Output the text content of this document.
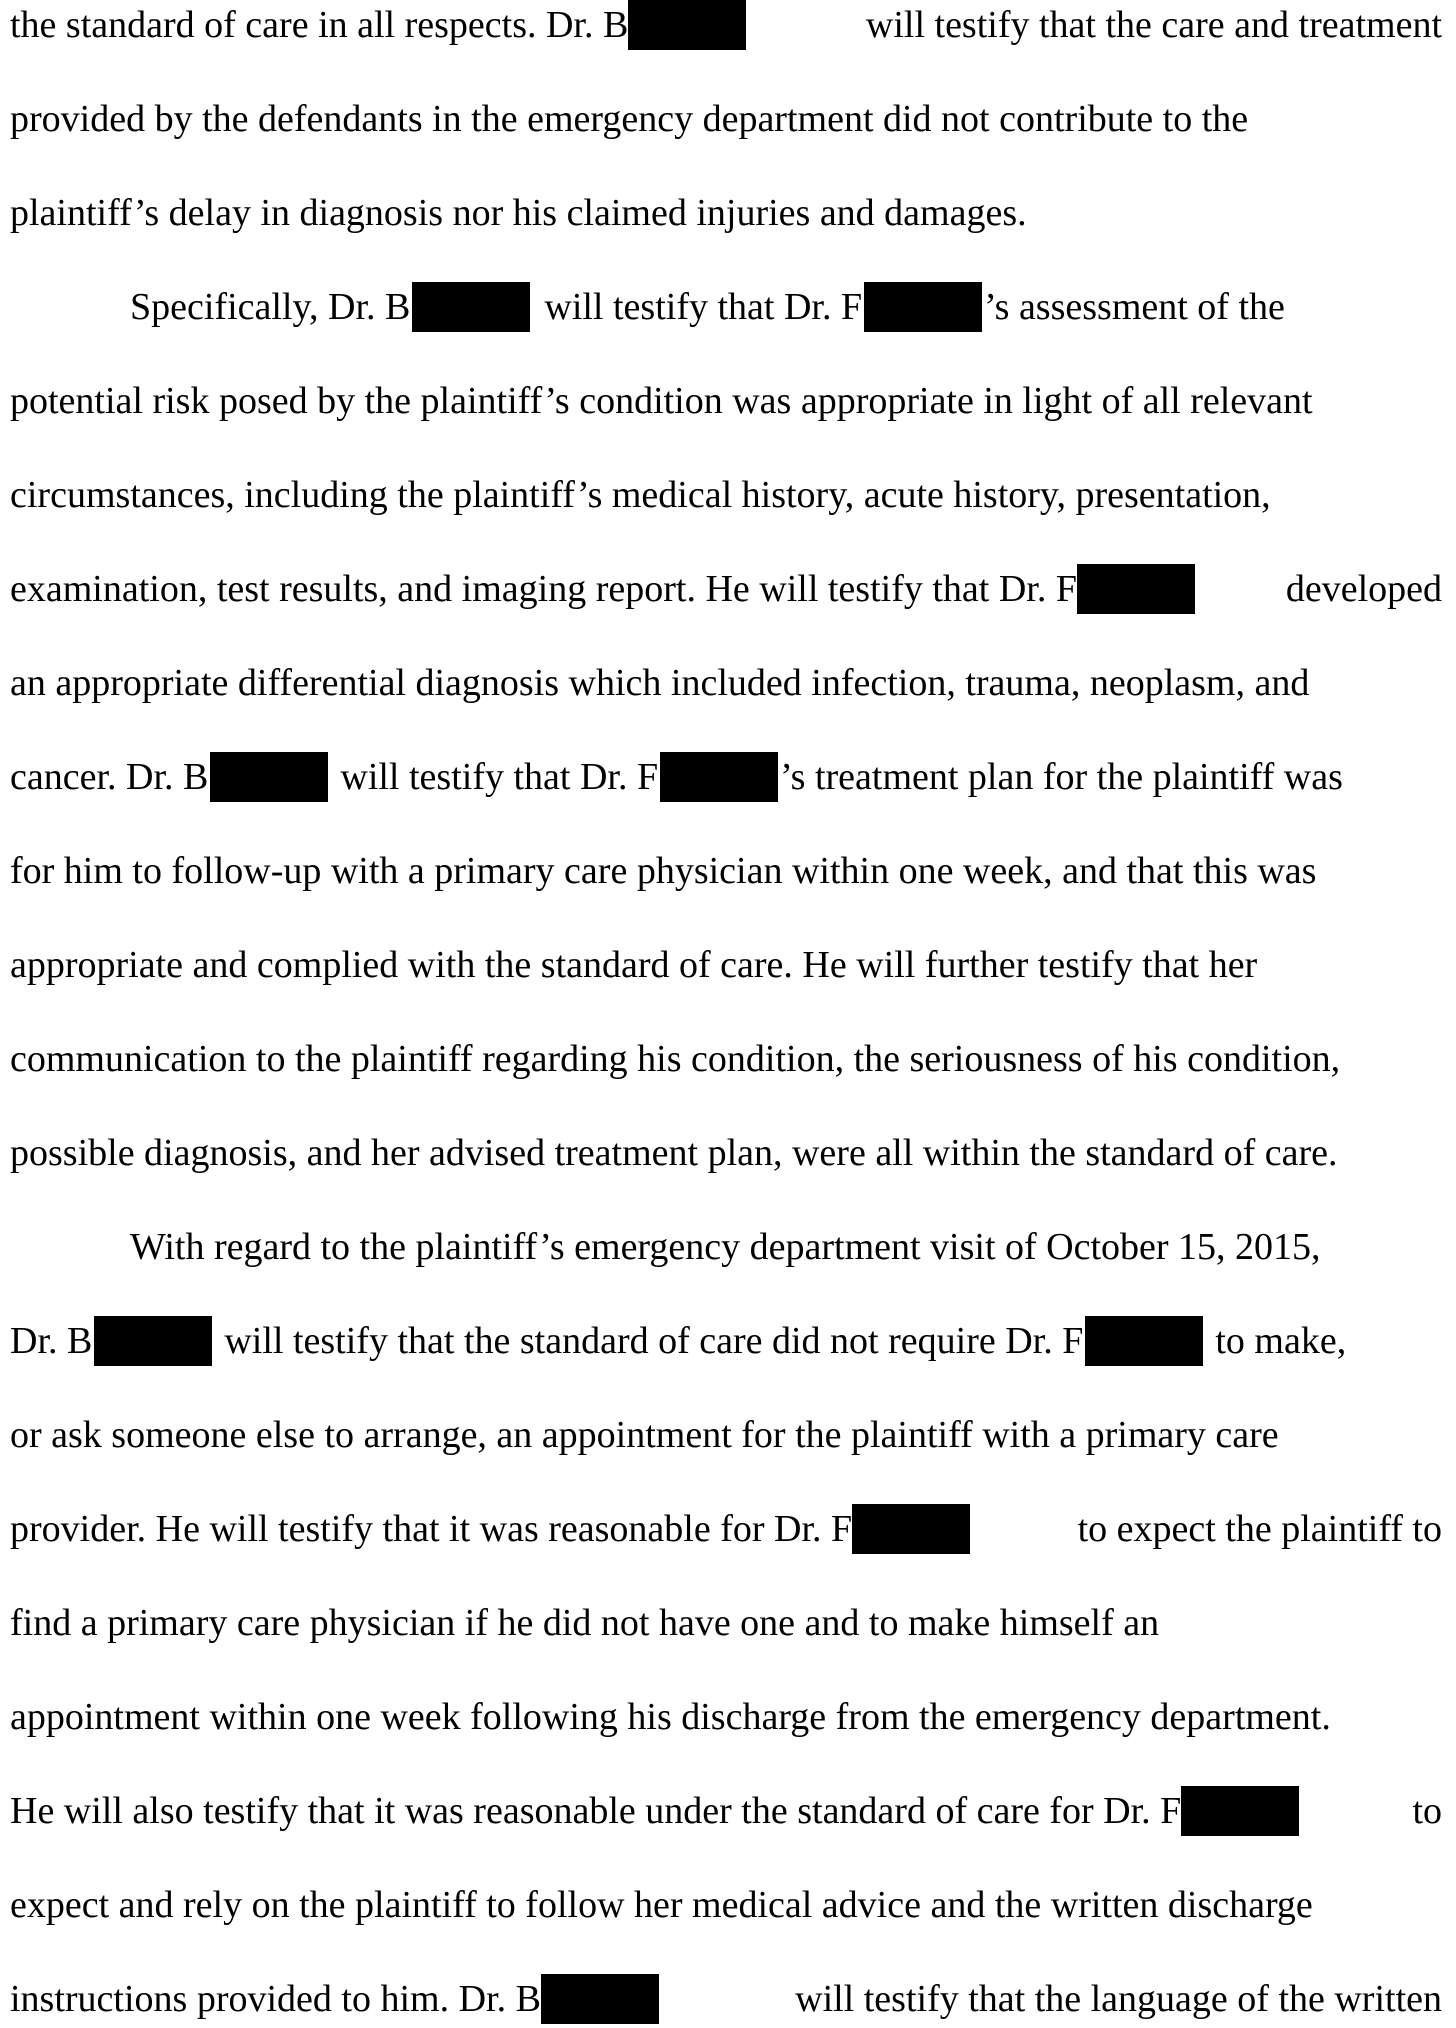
the standard of care in all respects. Dr. B	will testify that the care and treatment
provided by the defendants in the emergency department did not contribute to the
plaintiff’s delay in diagnosis nor his claimed injuries and damages.
Specifically, Dr. B	will testify that Dr. F	’s assessment of the
potential risk posed by the plaintiff’s condition was appropriate in light of all relevant
circumstances, including the plaintiff’s medical history, acute history, presentation,
examination, test results, and imaging report. He will testify that Dr. F	developed
an appropriate differential diagnosis which included infection, trauma, neoplasm, and
cancer. Dr. B	will testify that Dr. F	’s treatment plan for the plaintiff was
for him to follow-up with a primary care physician within one week, and that this was
appropriate and complied with the standard of care. He will further testify that her
communication to the plaintiff regarding his condition, the seriousness of his condition,
possible diagnosis, and her advised treatment plan, were all within the standard of care.
With regard to the plaintiff’s emergency department visit of October 15, 2015,
Dr. B	will testify that the standard of care did not require Dr. F	to make,
or ask someone else to arrange, an appointment for the plaintiff with a primary care
provider. He will testify that it was reasonable for Dr. F	to expect the plaintiff to
find a primary care physician if he did not have one and to make himself an
appointment within one week following his discharge from the emergency department.
He will also testify that it was reasonable under the standard of care for Dr. F	to
expect and rely on the plaintiff to follow her medical advice and the written discharge
instructions provided to him. Dr. B	will testify that the language of the written
